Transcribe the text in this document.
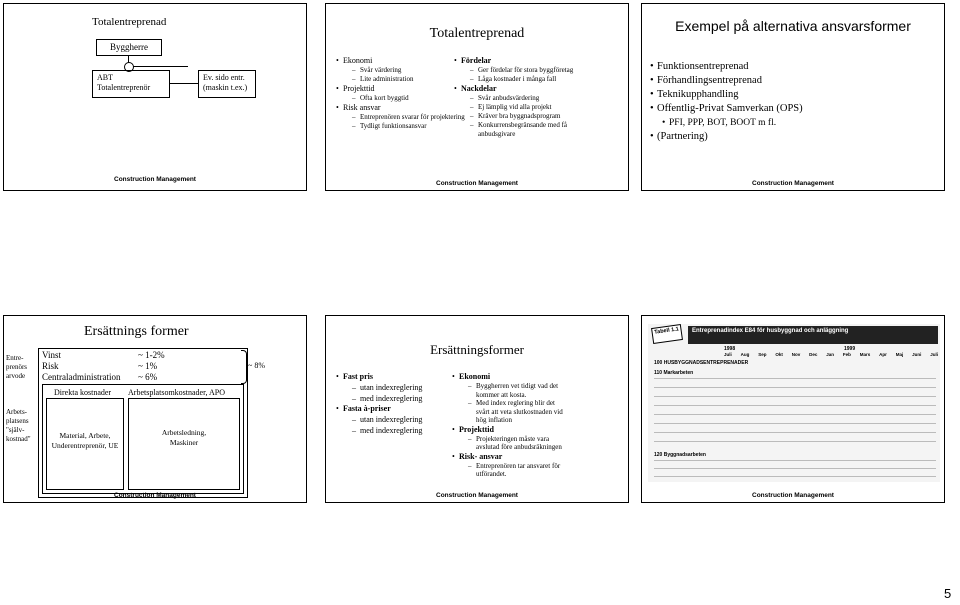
Totalentreprenad
Byggherre
ABT
Totalentreprenör
Ev. sido entr.
(maskin t.ex.)
Totalentreprenad
• Ekonomi
– Svår värdering
– Lite administration
• Projekttid
– Ofta kort byggtid
• Risk ansvar
– Entreprenören svarar för projektering
– Tydligt funktionsansvar
• Fördelar
– Ger fördelar för stora byggföretag
– Låga kostnader i många fall
• Nackdelar
– Svår anbudsvärdering
– Ej lämplig vid alla projekt
– Kräver bra byggnadsprogram
– Konkurrensbegränsande med få anbudsgivare
Construction Management
Exempel på alternativa ansvarsformer
• Funktionsentreprenad
• Förhandlingsentreprenad
• Teknikupphandling
• Offentlig-Privat Samverkan (OPS)
• PFI, PPP, BOT, BOOT m fl.
• (Partnering)
Construction Management
Ersättnings former
Entre-
prenörs
arvode
Arbets-
platsens
"själv-
kostnad"
Vinst	~ 1-2%
Risk	~ 1%
Centraladministration ~ 6%
~ 8%
Direkta kostnader Arbetsplatsomkostnader, APO
Material, Arbete,
Underentreprenör, UE
Arbetsledning,
Maskiner
Construction Management
Ersättningsformer
• Fast pris
– utan indexreglering
– med indexreglering
• Fasta à-priser
– utan indexreglering
– med indexreglering
• Ekonomi
– Byggherren vet tidigt vad det kommer att kosta.
– Med index reglering blir det svårt att veta slutkostnaden vid hög inflation
• Projekttid
– Projekteringen måste vara avslutad före anbudsräkningen
• Risk- ansvar
– Entreprenören tar ansvaret för utförandet.
Construction Management
Tabell 1.1	Entreprenadindex E84 för husbyggnad och anläggning
1998	1999
Juli Aug Sep Okt Nov Dec Jan Feb Mars Apr Maj Juni Juli
100 HUSBYGGNADSENTREPRENADER
110 Markarbeten
120 Byggnadsarbeten
Construction Management
Construction Management
5
